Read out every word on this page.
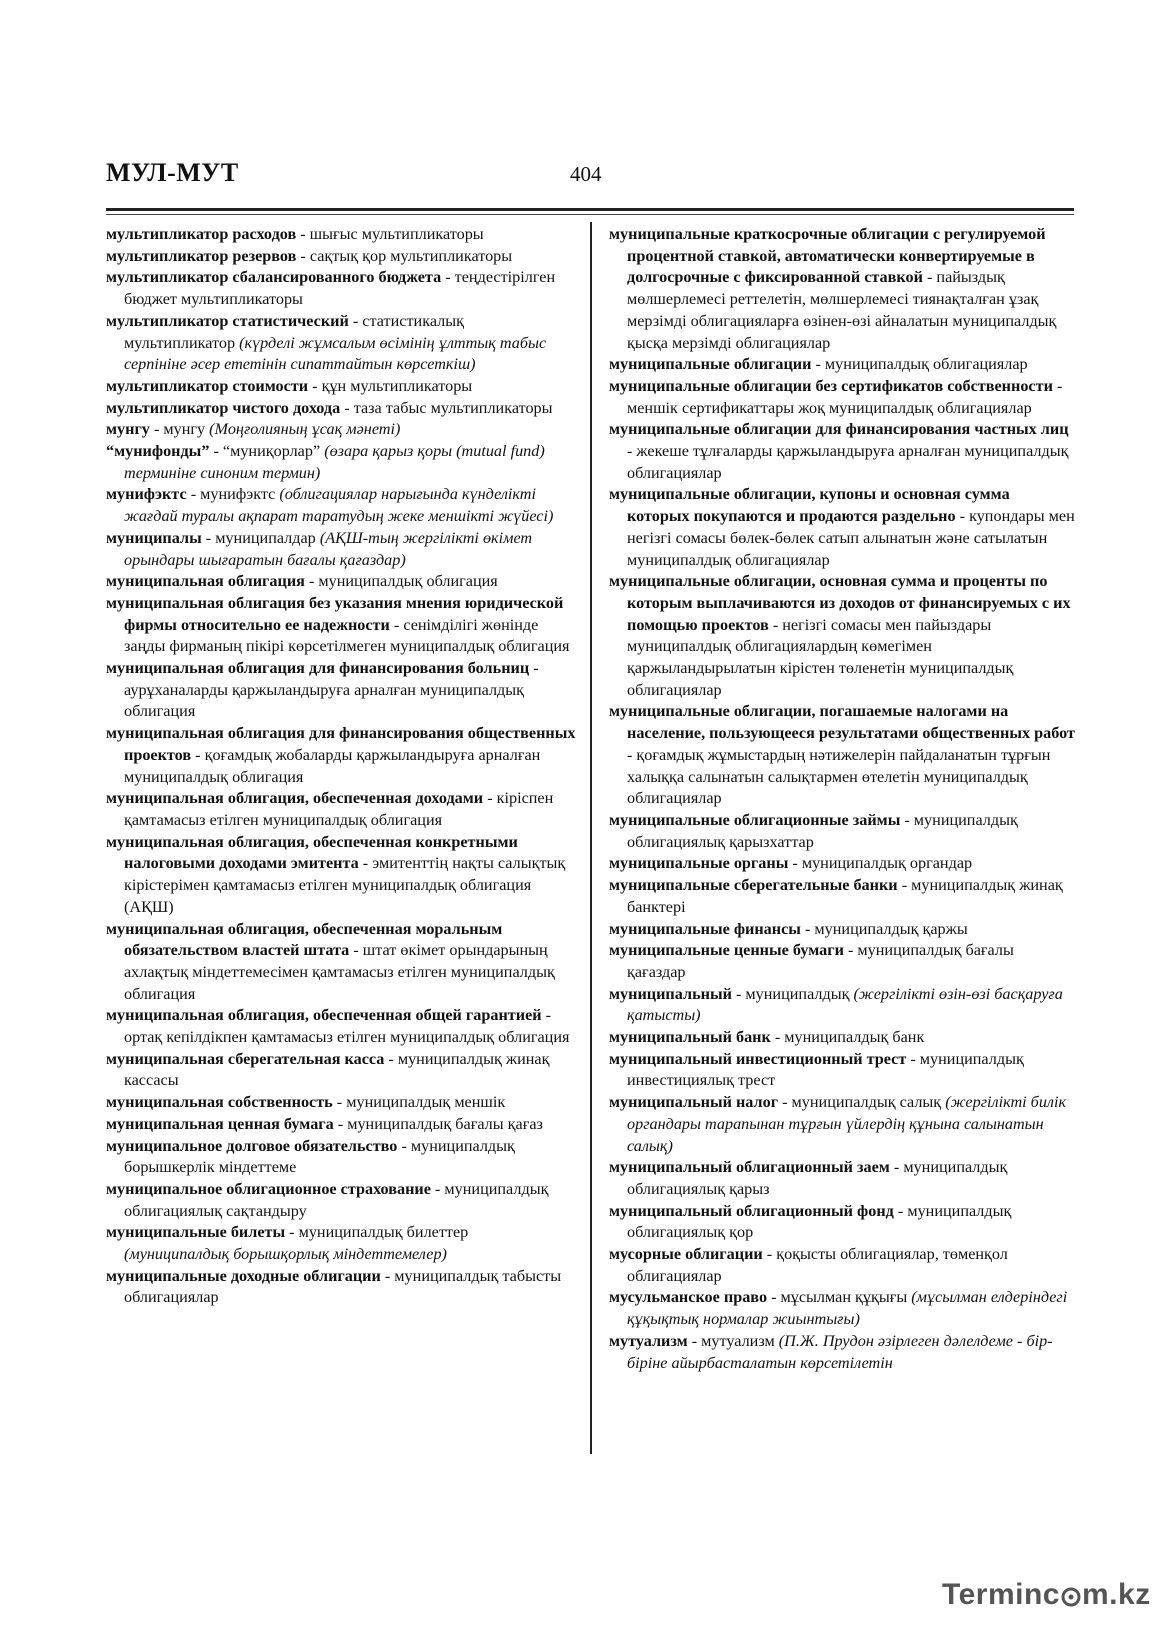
МУЛ-МУТ	404

мультипликатор расходов - шығыс мультипликаторы

мультипликатор резервов - сақтық қор мультипликаторы

мультипликатор сбалансированного бюджета - теңдестірілген бюджет мультипликаторы

мультипликатор статистический - статистикалық мультипликатор (күрделі жұмсалым өсімінің ұлттық табыс серпініне әсер ететінін сипаттайтын көрсеткіш)

мультипликатор стоимости - құн мультипликаторы

мультипликатор чистого дохода - таза табыс мультипликаторы

мунгу - мунгу (Моңғолияның ұсақ мәнеті)

“мунифонды” - “муниқорлар” (өзара қарыз қоры (mutual fund) терминіне синоним термин)

мунифэктс - мунифэктс (облигациялар нарығында күнделікті жағдай туралы ақпарат таратудың жеке меншікті жүйесі)

муниципалы - муниципалдар (АҚШ-тың жергілікті өкімет орындары шығаратын бағалы қағаздар)

муниципальная облигация - муниципалдық облигация

муниципальная облигация без указания мнения юридической фирмы относительно ее надежности - сенімділігі жөнінде заңды фирманың пікірі көрсетілмеген муниципалдық облигация

муниципальная облигация для финансирования больниц - аурұханаларды қаржыландыруға арналған муниципалдық облигация

муниципальная облигация для финансирования общественных проектов - қоғамдық жобаларды қаржыландыруға арналған муниципалдық облигация

муниципальная облигация, обеспеченная доходами - кіріспен қамтамасыз етілген муниципалдық облигация

муниципальная облигация, обеспеченная конкретными налоговыми доходами эмитента - эмитенттің нақты салықтық кірістерімен қамтамасыз етілген муниципалдық облигация (АҚШ)

муниципальная облигация, обеспеченная моральным обязательством властей штата - штат өкімет орындарының ахлақтық міндеттемесімен қамтамасыз етілген муниципалдық облигация

муниципальная облигация, обеспеченная общей гарантией - ортақ кепілдікпен қамтамасыз етілген муниципалдық облигация

муниципальная сберегательная касса - муниципалдық жинақ кассасы

муниципальная собственность - муниципалдық меншік

муниципальная ценная бумага - муниципалдық бағалы қағаз

муниципальное долговое обязательство - муниципалдық борышкерлік міндеттеме

муниципальное облигационное страхование - муниципалдық облигациялық сақтандыру

муниципальные билеты - муниципалдық билеттер (муниципалдық борышқорлық міндеттемелер)

муниципальные доходные облигации - муниципалдық табысты облигациялар

муниципальные краткосрочные облигации с регулируемой процентной ставкой, автоматически конвертируемые в долгосрочные с фиксированной ставкой - пайыздық мөлшерлемесі реттелетін, мөлшерлемесі тиянақталған ұзақ мерзімді облигацияларға өзінен-өзі айналатын муниципалдық қысқа мерзімді облигациялар

муниципальные облигации - муниципалдық облигациялар

муниципальные облигации без сертификатов собственности - меншік сертификаттары жоқ муниципалдық облигациялар

муниципальные облигации для финансирования частных лиц - жекеше тұлғаларды қаржыландыруға арналған муниципалдық облигациялар

муниципальные облигации, купоны и основная сумма которых покупаются и продаются раздельно - купондары мен негізгі сомасы бөлек-бөлек сатып алынатын және сатылатын муниципалдық облигациялар

муниципальные облигации, основная сумма и проценты по которым выплачиваются из доходов от финансируемых с их помощью проектов - негізгі сомасы мен пайыздары муниципалдық облигациялардың көмегімен қаржыландырылатын кірістен төленетін муниципалдық облигациялар

муниципальные облигации, погашаемые налогами на население, пользующееся результатами общественных работ - қоғамдық жұмыстардың нәтижелерін пайдаланатын тұрғын халыққа салынатын салықтармен өтелетін муниципалдық облигациялар

муниципальные облигационные займы - муниципалдық облигациялық қарызхаттар

муниципальные органы - муниципалдық органдар

муниципальные сберегательные банки - муниципалдық жинақ банктері

муниципальные финансы - муниципалдық қаржы

муниципальные ценные бумаги - муниципалдық бағалы қағаздар

муниципальный - муниципалдық (жергілікті өзін-өзі басқаруға қатысты)

муниципальный банк - муниципалдық банк

муниципальный инвестиционный трест - муниципалдық инвестициялық трест

муниципальный налог - муниципалдық салық (жергілікті билік органдары тарапынан тұрғын үйлердің құнына салынатын салық)

муниципальный облигационный заем - муниципалдық облигациялық қарыз

муниципальный облигационный фонд - муниципалдық облигациялық қор

мусорные облигации - қоқысты облигациялар, төменқол облигациялар

мусульманское право - мұсылман құқығы (мұсылман елдеріндегі құқықтық нормалар жиынтығы)

мутуализм - мутуализм (П.Ж. Прудон әзірлеген дәлелдеме - бір-біріне айырбасталатын көрсетілетін

Terminc m.kz
